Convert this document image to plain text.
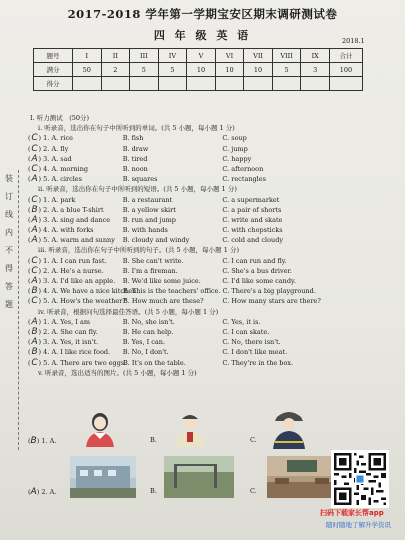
2017-2018 学年第一学期宝安区期末调研测试卷
四 年 级 英 语	2018.1
题号	I	II	III	IV	V	VI	VII	VIII	IX	合计
满分	50	2	5	5	10	10	10	5	3	100
得分										
装
订
线
内
不
得
答
题
I. 听力测试　(50分)
i. 听录音，选出你在句子中所听到的单词。(共 5 小题，每小题 1 分)
(C) 1. A. rice	B. fish	C. soup
(C) 2. A. fly	B. draw	C. jump
(A) 3. A. sad	B. tired	C. happy
(C) 4. A. morning	B. noon	C. afternoon
(A) 5. A. circles	B. squares	C. rectangles
ii. 听录音，选出你在句子中所听到的短语。(共 5 小题，每小题 1 分)
(C) 1. A. park	B. a restaurant	C. a supermarket
(B) 2. A. a blue T-shirt	B. a yellow skirt	C. a pair of shorts
(A) 3. A. sing and dance	B. run and jump	C. write and skate
(A) 4. A. with forks	B. with hands	C. with chopsticks
(A) 5. A. warm and sunny	B. cloudy and windy	C. cold and cloudy
iii. 听录音，选出你在句子中所听到的句子。(共 5 小题，每小题 1 分)
(C) 1. A. I can run fast.	B. She can't write.	C. I can run and fly.
(C) 2. A. He's a nurse.	B. I'm a fireman.	C. She's a bus driver.
(A) 3. A. I'd like an apple.	B. We'd like some juice.	C. I'd like some candy.
(B) 4. A. We have a nice kitchen.
B. This is the teachers' office. C. There's a big playground.
(C) 5. A. How's the weather?
B. How much are these?	C. How many stars are there?
iv. 听录音，根据问句选择最佳答语。(共 5 小题，每小题 1 分)
(A) 1. A. Yes, I am	B. No, she isn't.	C. Yes, it is.
(B) 2. A. She can fly.	B. He can help.	C. I can skate.
(A) 3. A. Yes, it isn't.	B. Yes, I can.	C. No, there isn't.
(B) 4. A. I like rice food.	B. No, I don't.	C. I don't like meat.
(C) 5. A. There are two eggs.
B. It's on the table.	C. They're in the box.
v. 听录音，选出适当的图片。(共 5 小题，每小题 1 分)
(B) 1. A.	B.	C.
(A) 2. A.	B.	C.
扫码下载家长帮app
随时随地了解升学资讯
